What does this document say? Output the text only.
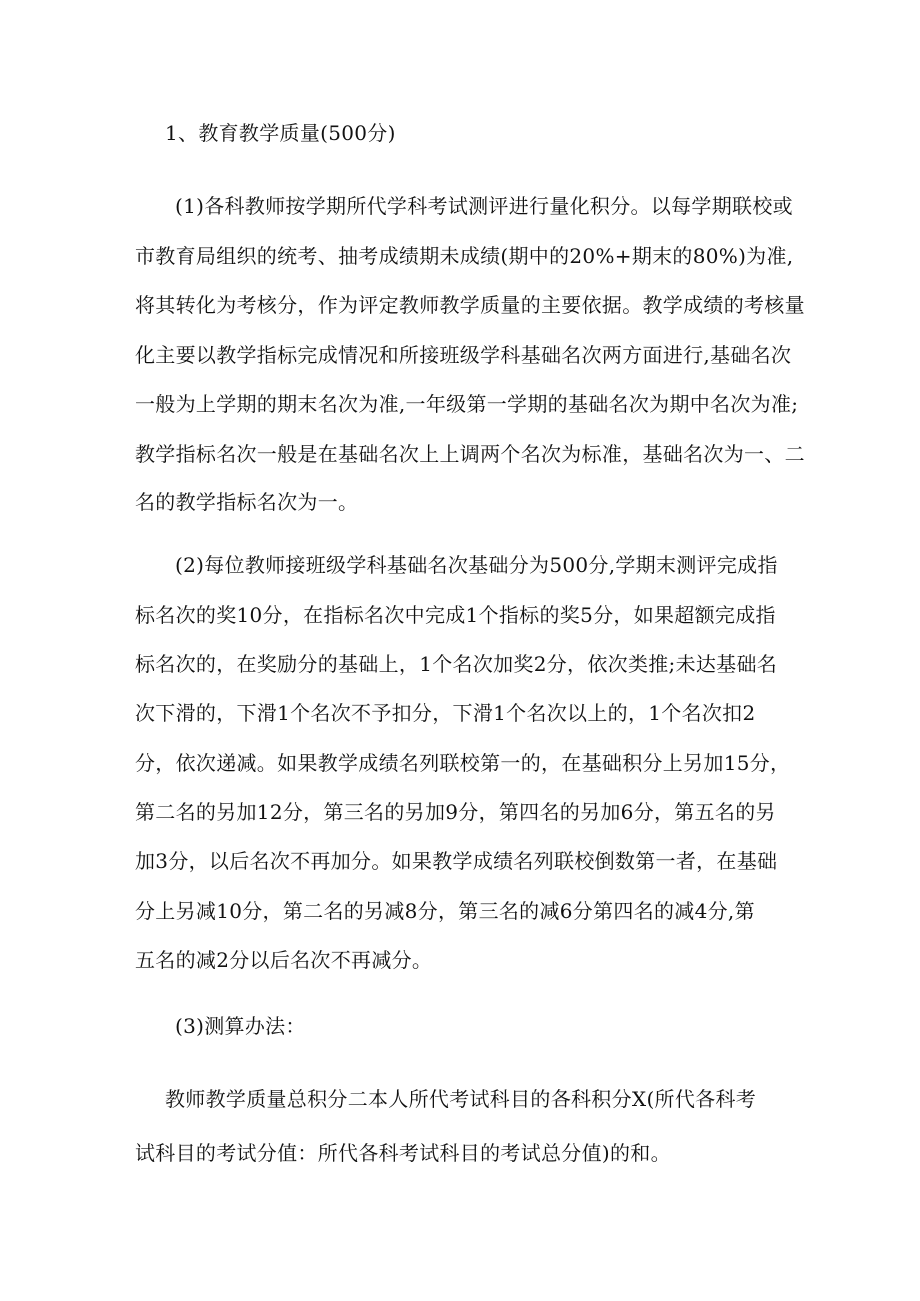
1、教育教学质量(500分)
(1)各科教师按学期所代学科考试测评进行量化积分。以每学期联校或
市教育局组织的统考、抽考成绩期未成绩(期中的20%+期末的80%)为准,
将其转化为考核分，作为评定教师教学质量的主要依据。教学成绩的考核量
化主要以教学指标完成情况和所接班级学科基础名次两方面进行,基础名次
一般为上学期的期末名次为准,一年级第一学期的基础名次为期中名次为准;
教学指标名次一般是在基础名次上上调两个名次为标准，基础名次为一、二
名的教学指标名次为一。
(2)每位教师接班级学科基础名次基础分为500分,学期末测评完成指
标名次的奖10分，在指标名次中完成1个指标的奖5分，如果超额完成指
标名次的，在奖励分的基础上，1个名次加奖2分，依次类推;未达基础名
次下滑的，下滑1个名次不予扣分，下滑1个名次以上的，1个名次扣2
分，依次递减。如果教学成绩名列联校第一的，在基础积分上另加15分，
第二名的另加12分，第三名的另加9分，第四名的另加6分，第五名的另
加3分，以后名次不再加分。如果教学成绩名列联校倒数第一者，在基础
分上另减10分，第二名的另减8分，第三名的减6分第四名的减4分,第
五名的减2分以后名次不再减分。
(3)测算办法：
教师教学质量总积分二本人所代考试科目的各科积分X(所代各科考
试科目的考试分值：所代各科考试科目的考试总分值)的和。
